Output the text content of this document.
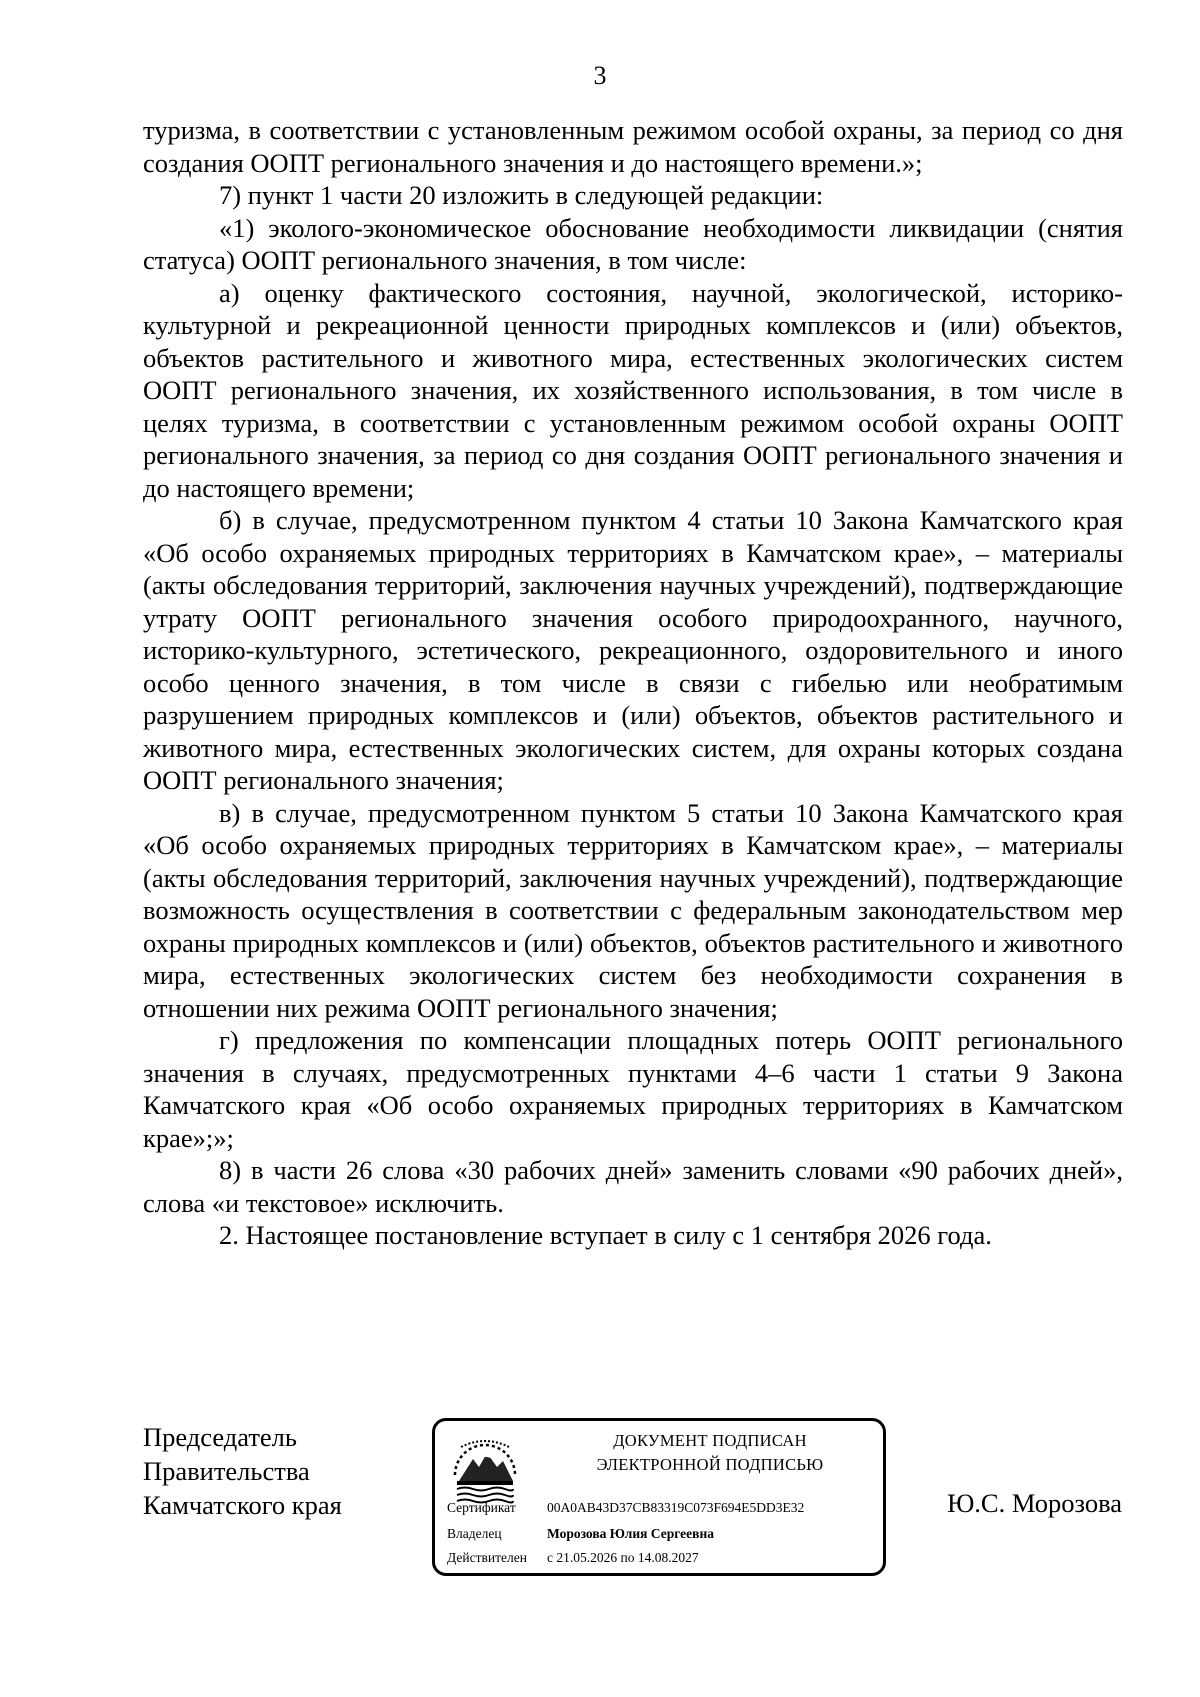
3

туризма, в соответствии с установленным режимом особой охраны, за период со дня создания ООПТ регионального значения и до настоящего времени.»;

7) пункт 1 части 20 изложить в следующей редакции:

«1) эколого-экономическое обоснование необходимости ликвидации (снятия статуса) ООПТ регионального значения, в том числе:

а) оценку фактического состояния, научной, экологической, историко-культурной и рекреационной ценности природных комплексов и (или) объектов, объектов растительного и животного мира, естественных экологических систем ООПТ регионального значения, их хозяйственного использования, в том числе в целях туризма, в соответствии с установленным режимом особой охраны ООПТ регионального значения, за период со дня создания ООПТ регионального значения и до настоящего времени;

б) в случае, предусмотренном пунктом 4 статьи 10 Закона Камчатского края «Об особо охраняемых природных территориях в Камчатском крае», – материалы (акты обследования территорий, заключения научных учреждений), подтверждающие утрату ООПТ регионального значения особого природоохранного, научного, историко-культурного, эстетического, рекреационного, оздоровительного и иного особо ценного значения, в том числе в связи с гибелью или необратимым разрушением природных комплексов и (или) объектов, объектов растительного и животного мира, естественных экологических систем, для охраны которых создана ООПТ регионального значения;

в) в случае, предусмотренном пунктом 5 статьи 10 Закона Камчатского края «Об особо охраняемых природных территориях в Камчатском крае», – материалы (акты обследования территорий, заключения научных учреждений), подтверждающие возможность осуществления в соответствии с федеральным законодательством мер охраны природных комплексов и (или) объектов, объектов растительного и животного мира, естественных экологических систем без необходимости сохранения в отношении них режима ООПТ регионального значения;

г) предложения по компенсации площадных потерь ООПТ регионального значения в случаях, предусмотренных пунктами 4–6 части 1 статьи 9 Закона Камчатского края «Об особо охраняемых природных территориях в Камчатском крае»;»;

8) в части 26 слова «30 рабочих дней» заменить словами «90 рабочих дней», слова «и текстовое» исключить.

2. Настоящее постановление вступает в силу с 1 сентября 2026 года.

Председатель
Правительства
Камчатского края
ДОКУМЕНТ ПОДПИСАН
ЭЛЕКТРОННОЙ ПОДПИСЬЮ
Сертификат 00A0AB43D37CB83319C073F694E5DD3E32
Владелец	Морозова Юлия Сергеевна
Действителен с 21.05.2026 по 14.08.2027
Ю.С. Морозова
